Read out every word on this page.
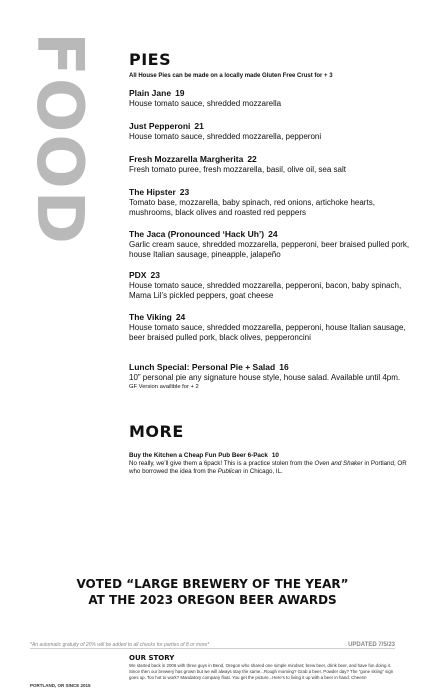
FOOD PIES
All House Pies can be made on a locally made Gluten Free Crust for + 3
Plain Jane 19
House tomato sauce, shredded mozzarella
Just Pepperoni 21
House tomato sauce, shredded mozzarella, pepperoni
Fresh Mozzarella Margherita 22
Fresh tomato puree, fresh mozzarella, basil, olive oil, sea salt
The Hipster 23
Tomato base, mozzarella, baby spinach, red onions, artichoke hearts, mushrooms, black olives and roasted red peppers
The Jaca (Pronounced ‘Hack Uh’) 24
Garlic cream sauce, shredded mozzarella, pepperoni, beer braised pulled pork, house Italian sausage, pineapple, jalapeño
PDX 23
House tomato sauce, shredded mozzarella, pepperoni, bacon, baby spinach, Mama Lil’s pickled peppers, goat cheese
The Viking 24
House tomato sauce, shredded mozzarella, pepperoni, house Italian sausage, beer braised pulled pork, black olives, pepperoncini
Lunch Special: Personal Pie + Salad 16
10” personal pie any signature house style, house salad. Available until 4pm.
GF Version availible for + 2
MORE
Buy the Kitchen a Cheap Fun Pub Beer 6-Pack 10
No really, we’ll give them a 6pack! This is a practice stolen from the Oven and Shaker in Portland, OR who borrowed the idea from the Publican in Chicago, IL.
VOTED “LARGE BREWERY OF THE YEAR”
AT THE 2023 OREGON BEER AWARDS
*An automatic gratuity of 20% will be added to all checks for parties of 8 or more*	UPDATED 7/5/23
OUR STORY
We started back in 2006 with three guys in Bend, Oregon who shared one simple mindset; brew beer, drink beer, and have fun doing it. Since then our brewery has grown but we will always stay the same...Rough morning? Grab a beer. Powder day? The “gone skiing” sign goes up. Too hot to work? Mandatory company float. You get the picture...Here’s to living it up with a beer in hand. Cheers!
PORTLAND, OR SINCE 2015
